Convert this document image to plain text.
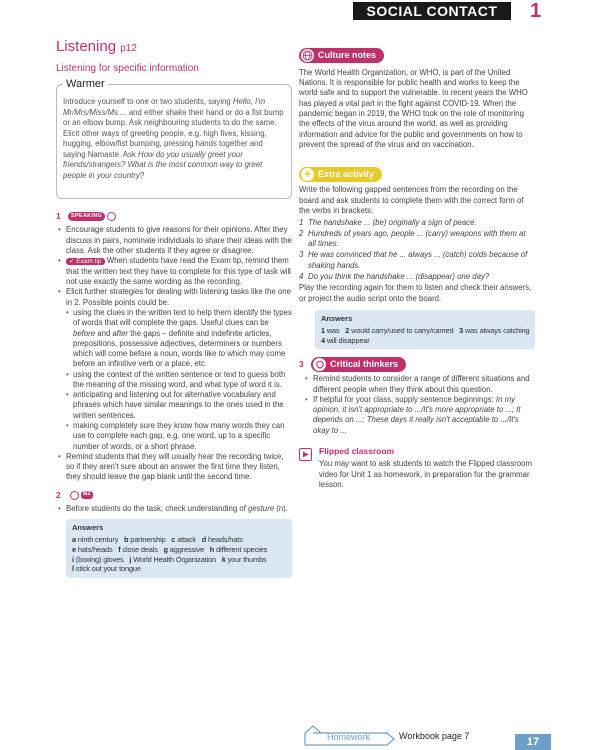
SOCIAL CONTACT	1
Listening p12
Listening for specific information
Warmer

Introduce yourself to one or two students, saying Hello, I'm Mr/Mrs/Miss/Ms ... and either shake their hand or do a fist bump or an elbow bump. Ask neighbouring students to do the same. Elicit other ways of greeting people, e.g. high fives, kissing, hugging, elbow/fist bumping, pressing hands together and saying Namaste. Ask How do you usually greet your friends/strangers? What is the most common way to greet people in your country?

1	SPEAKING
• Encourage students to give reasons for their opinions. After they discuss in pairs, nominate individuals to share their ideas with the class. Ask the other students if they agree or disagree.
• ✓ Exam tip When students have read the Exam tip, remind them that the written text they have to complete for this type of task will not use exactly the same wording as the recording.
• Elicit further strategies for dealing with listening tasks like the one in 2. Possible points could be:
• using the clues in the written text to help them identify the types of words that will complete the gaps. Useful clues can be before and after the gaps – definite and indefinite articles, prepositions, possessive adjectives, determiners or numbers which will come before a noun, words like to which may come before an infinitive verb or a place, etc.
• using the context of the written sentence or text to guess both the meaning of the missing word, and what type of word it is.
• anticipating and listening out for alternative vocabulary and phrases which have similar meanings to the ones used in the written sentences.
• making completely sure they know how many words they can use to complete each gap, e.g. one word, up to a specific number of words, or a short phrase.
• Remind students that they will usually hear the recording twice, so if they aren't sure about an answer the first time they listen, they should leave the gap blank until the second time.
2	B2
• Before students do the task, check understanding of gesture (n).
Answers
a ninth century   b partnership   c attack   d heads/hats
e hats/heads   f close deals   g aggressive   h different species
i (boxing) gloves   j World Health Organization   k your thumbs
l stick out your tongue
Culture notes

The World Health Organization, or WHO, is part of the United Nations. It is responsible for public health and works to keep the world safe and to support the vulnerable. In recent years the WHO has played a vital part in the fight against COVID-19. When the pandemic began in 2019, the WHO took on the role of monitoring the effects of the virus around the world, as well as providing information and advice for the public and governments on how to prevent the spread of the virus and on vaccination.

+ Extra activity

Write the following gapped sentences from the recording on the board and ask students to complete them with the correct form of the verbs in brackets:

1 The handshake ... (be) originally a sign of peace.
2 Hundreds of years ago, people ... (carry) weapons with them at all times.
3 He was convinced that he ... always ... (catch) colds because of shaking hands.
4 Do you think the handshake ... (disappear) one day?

Play the recording again for them to listen and check their answers, or project the audio script onto the board.

Answers
1 was   2 would carry/used to carry/carried   3 was always catching
4 will disappear
3	Critical thinkers
• Remind students to consider a range of different situations and different people when they think about this question.
• If helpful for your class, supply sentence beginnings: In my opinion, it isn't appropriate to .../It's more appropriate to ...; It depends on ...; These days it really isn't acceptable to .../It's okay to ...
Flipped classroom

You may want to ask students to watch the Flipped classroom video for Unit 1 as homework, in preparation for the grammar lesson.

Homework	Workbook page 7
17
